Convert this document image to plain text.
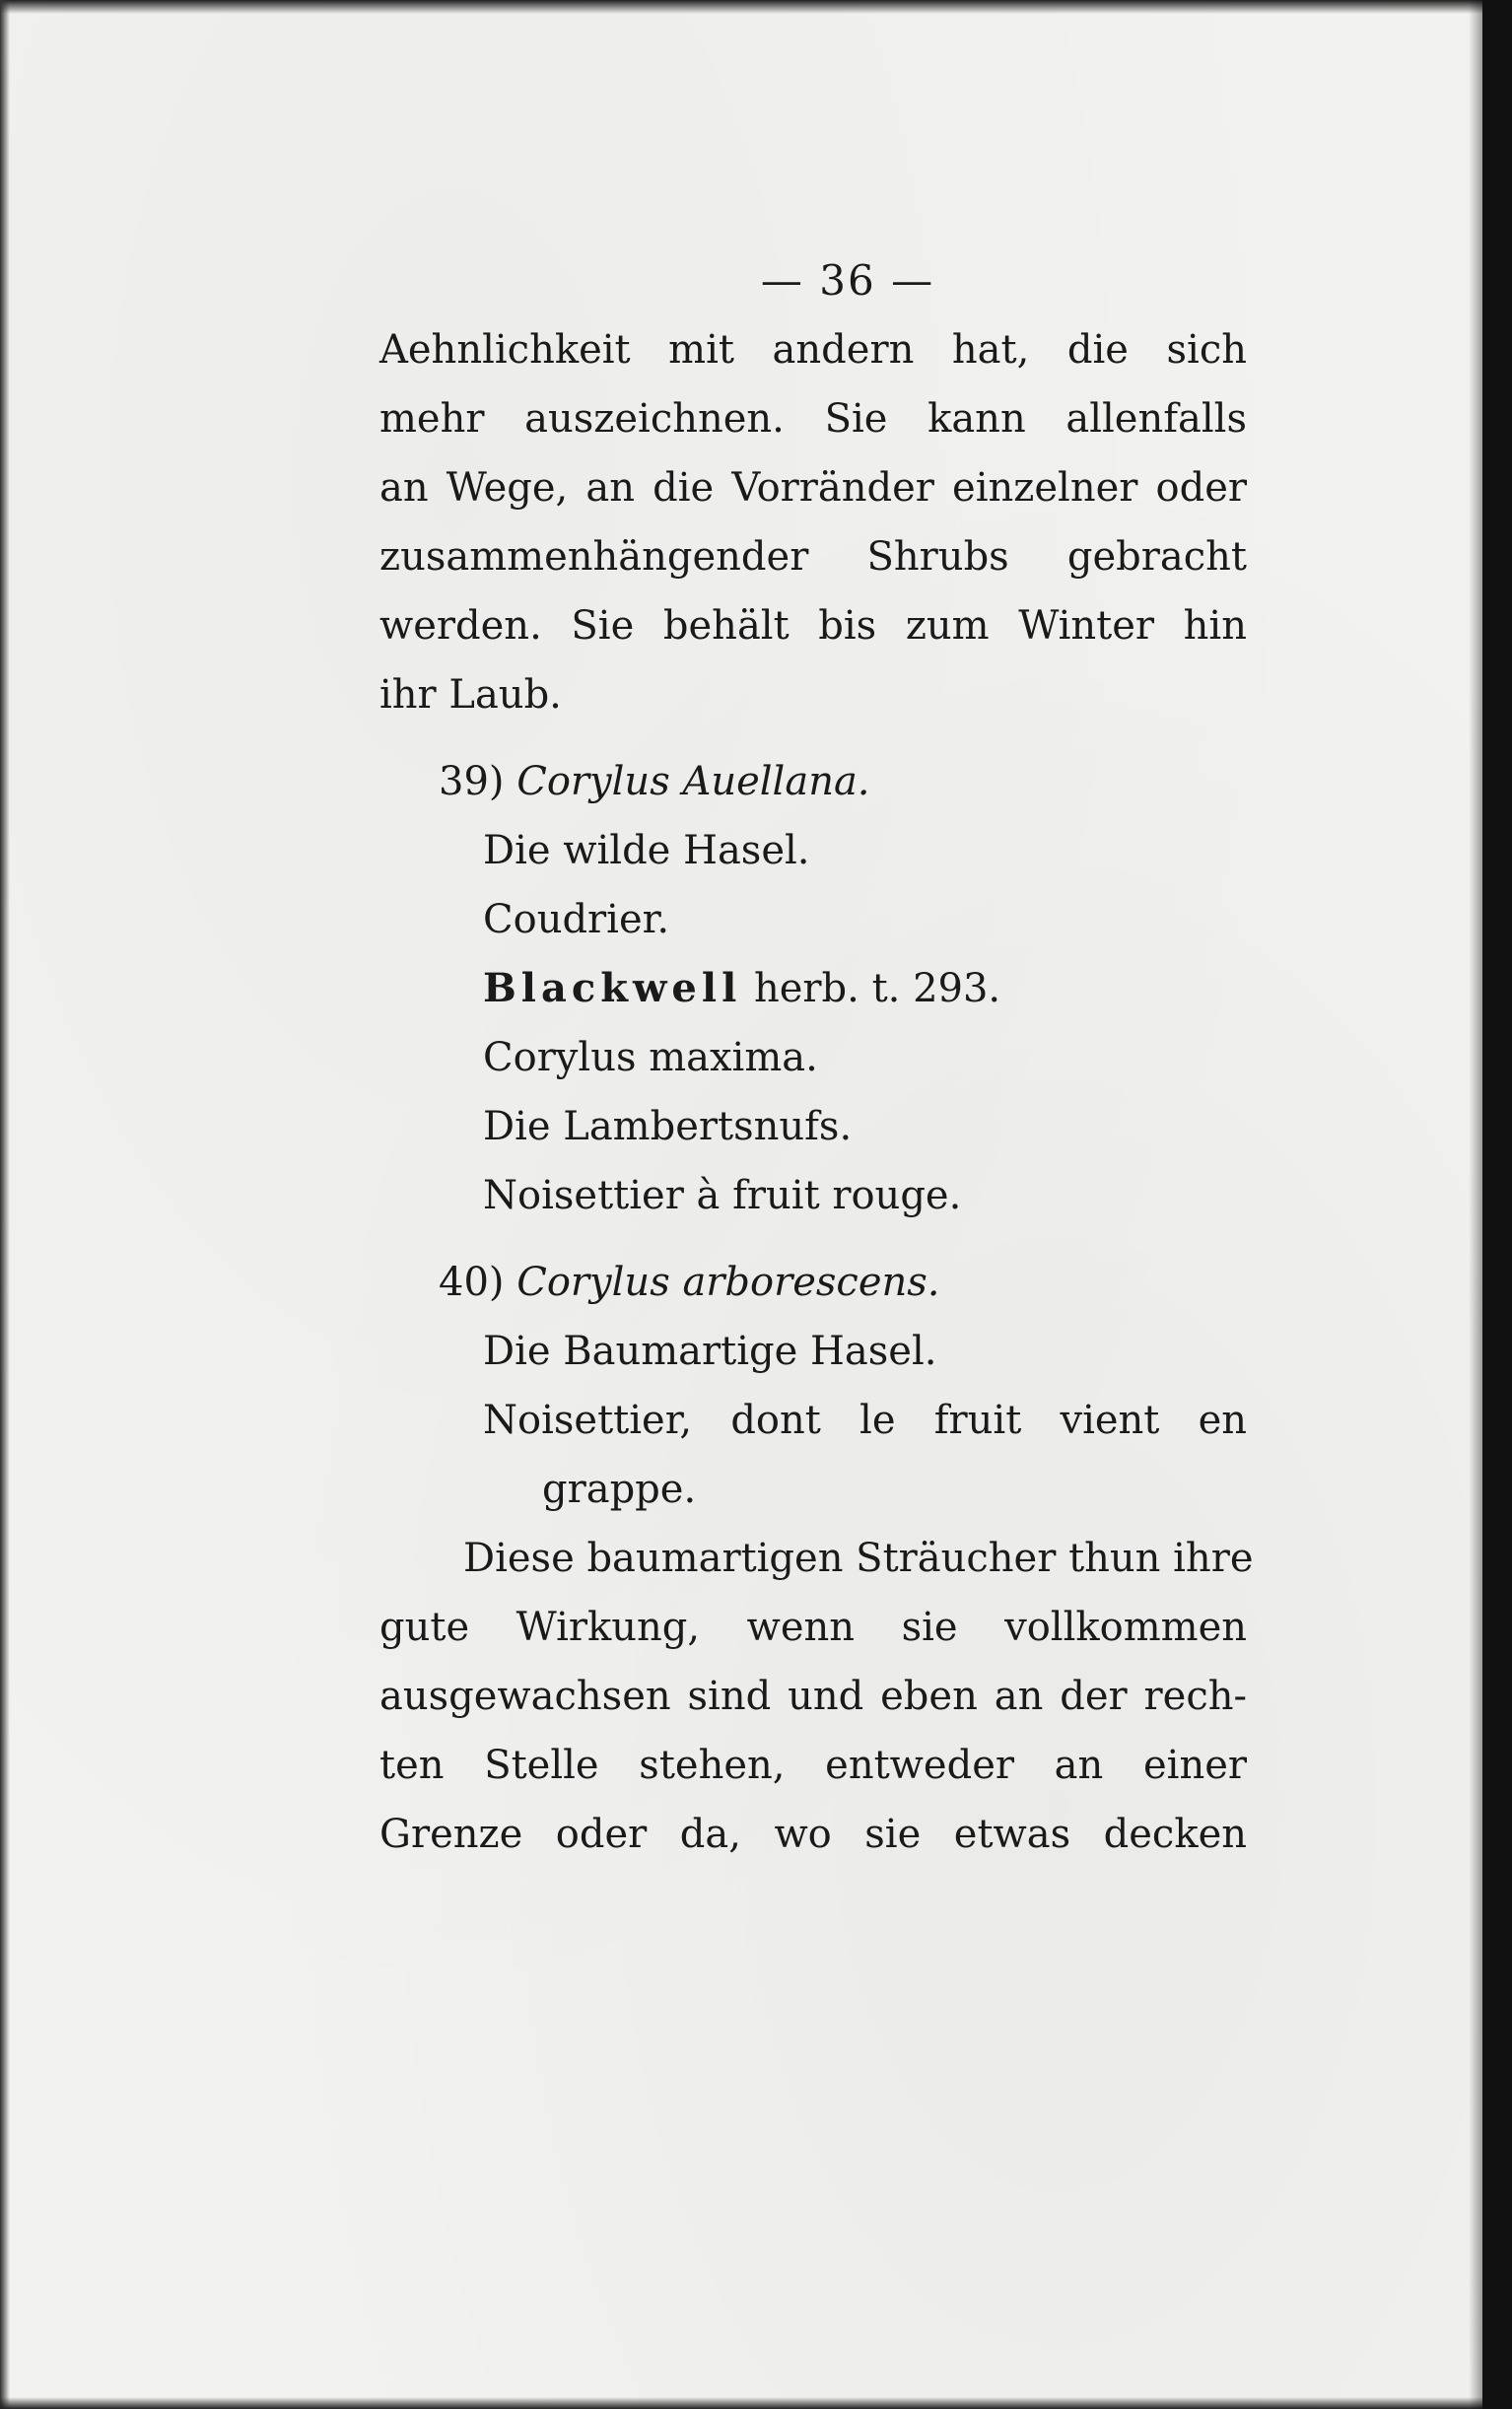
— 36 —
Aehnlichkeit mit andern hat, die sich
mehr auszeichnen. Sie kann allenfalls
an Wege, an die Vorränder einzelner oder
zusammenhängender Shrubs gebracht
werden. Sie behält bis zum Winter hin
ihr Laub.
39) Corylus Auellana.
Die wilde Hasel.
Coudrier.
Blackwell herb. t. 293.
Corylus maxima.
Die Lambertsnufs.
Noisettier à fruit rouge.
40) Corylus arborescens.
Die Baumartige Hasel.
Noisettier, dont le fruit vient en
grappe.
Diese baumartigen Sträucher thun ihre
gute Wirkung, wenn sie vollkommen
ausgewachsen sind und eben an der rech-
ten Stelle stehen, entweder an einer
Grenze oder da, wo sie etwas decken
